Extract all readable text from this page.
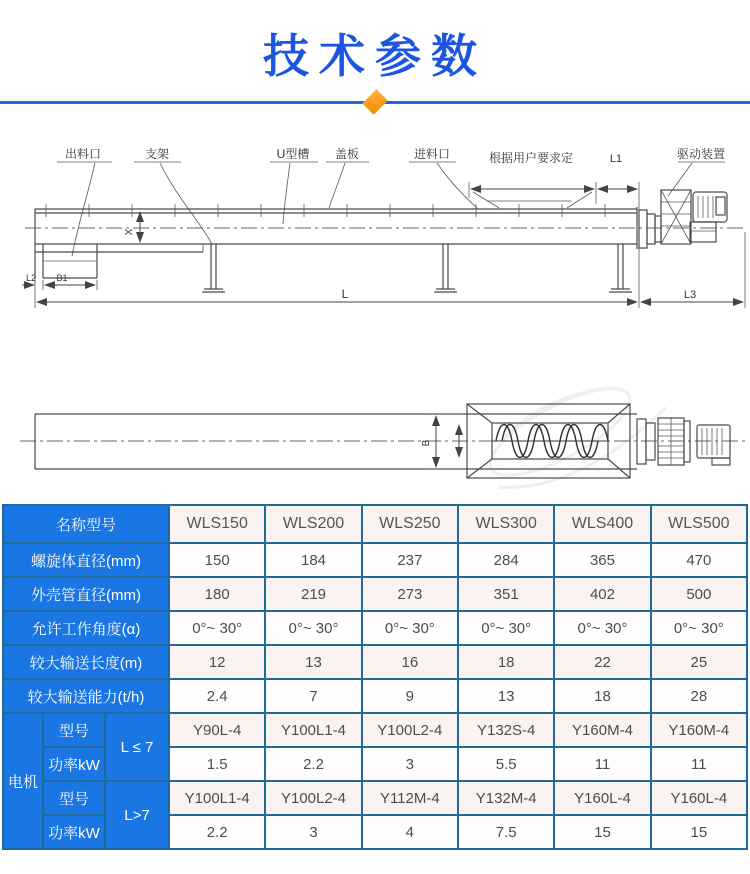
技术参数
出料口	支架	U型槽 盖板	进料口	根据用户要求定	L1	驱动装置
X
L2 B1
L	L3
B
名称型号			WLS150	WLS200	WLS250	WLS300	WLS400	WLS500
螺旋体直径(mm)			150	184	237	284	365	470
外壳管直径(mm)			180	219	273	351	402	500
允许工作角度(α)			0°~ 30°	0°~ 30°	0°~ 30°	0°~ 30°	0°~ 30°	0°~ 30°
较大输送长度(m)			12	13	16	18	22	25
较大输送能力(t/h)			2.4	7	9	13	18	28
电机	型号	L ≤ 7	Y90L-4	Y100L1-4	Y100L2-4	Y132S-4	Y160M-4	Y160M-4
	功率kW		1.5	2.2	3	5.5	11	11
	型号	L>7	Y100L1-4	Y100L2-4	Y112M-4	Y132M-4	Y160L-4	Y160L-4
	功率kW		2.2	3	4	7.5	15	15
